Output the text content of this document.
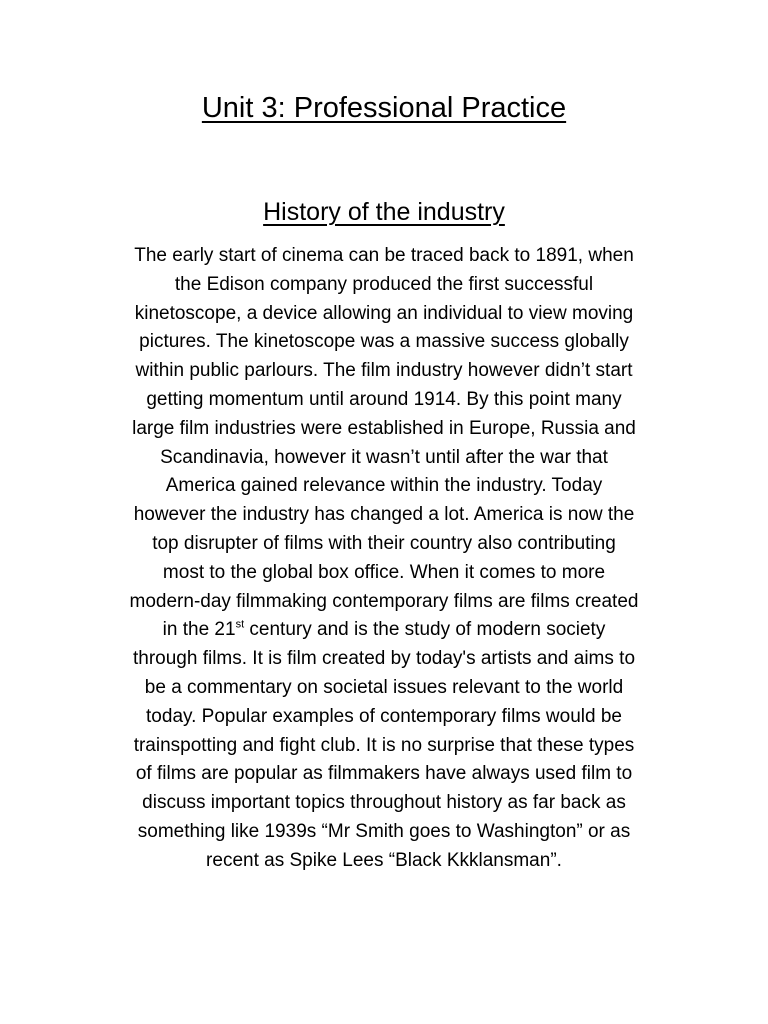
Unit 3: Professional Practice
History of the industry

The early start of cinema can be traced back to 1891, when
the Edison company produced the first successful
kinetoscope, a device allowing an individual to view moving
pictures. The kinetoscope was a massive success globally
within public parlours. The film industry however didn’t start
getting momentum until around 1914. By this point many
large film industries were established in Europe, Russia and
Scandinavia, however it wasn’t until after the war that
America gained relevance within the industry. Today
however the industry has changed a lot. America is now the
top disrupter of films with their country also contributing
most to the global box office. When it comes to more
modern-day filmmaking contemporary films are films created
in the 21st century and is the study of modern society
through films. It is film created by today's artists and aims to
be a commentary on societal issues relevant to the world
today. Popular examples of contemporary films would be
trainspotting and fight club. It is no surprise that these types
of films are popular as filmmakers have always used film to
discuss important topics throughout history as far back as
something like 1939s “Mr Smith goes to Washington” or as
recent as Spike Lees “Black Kkklansman”.
